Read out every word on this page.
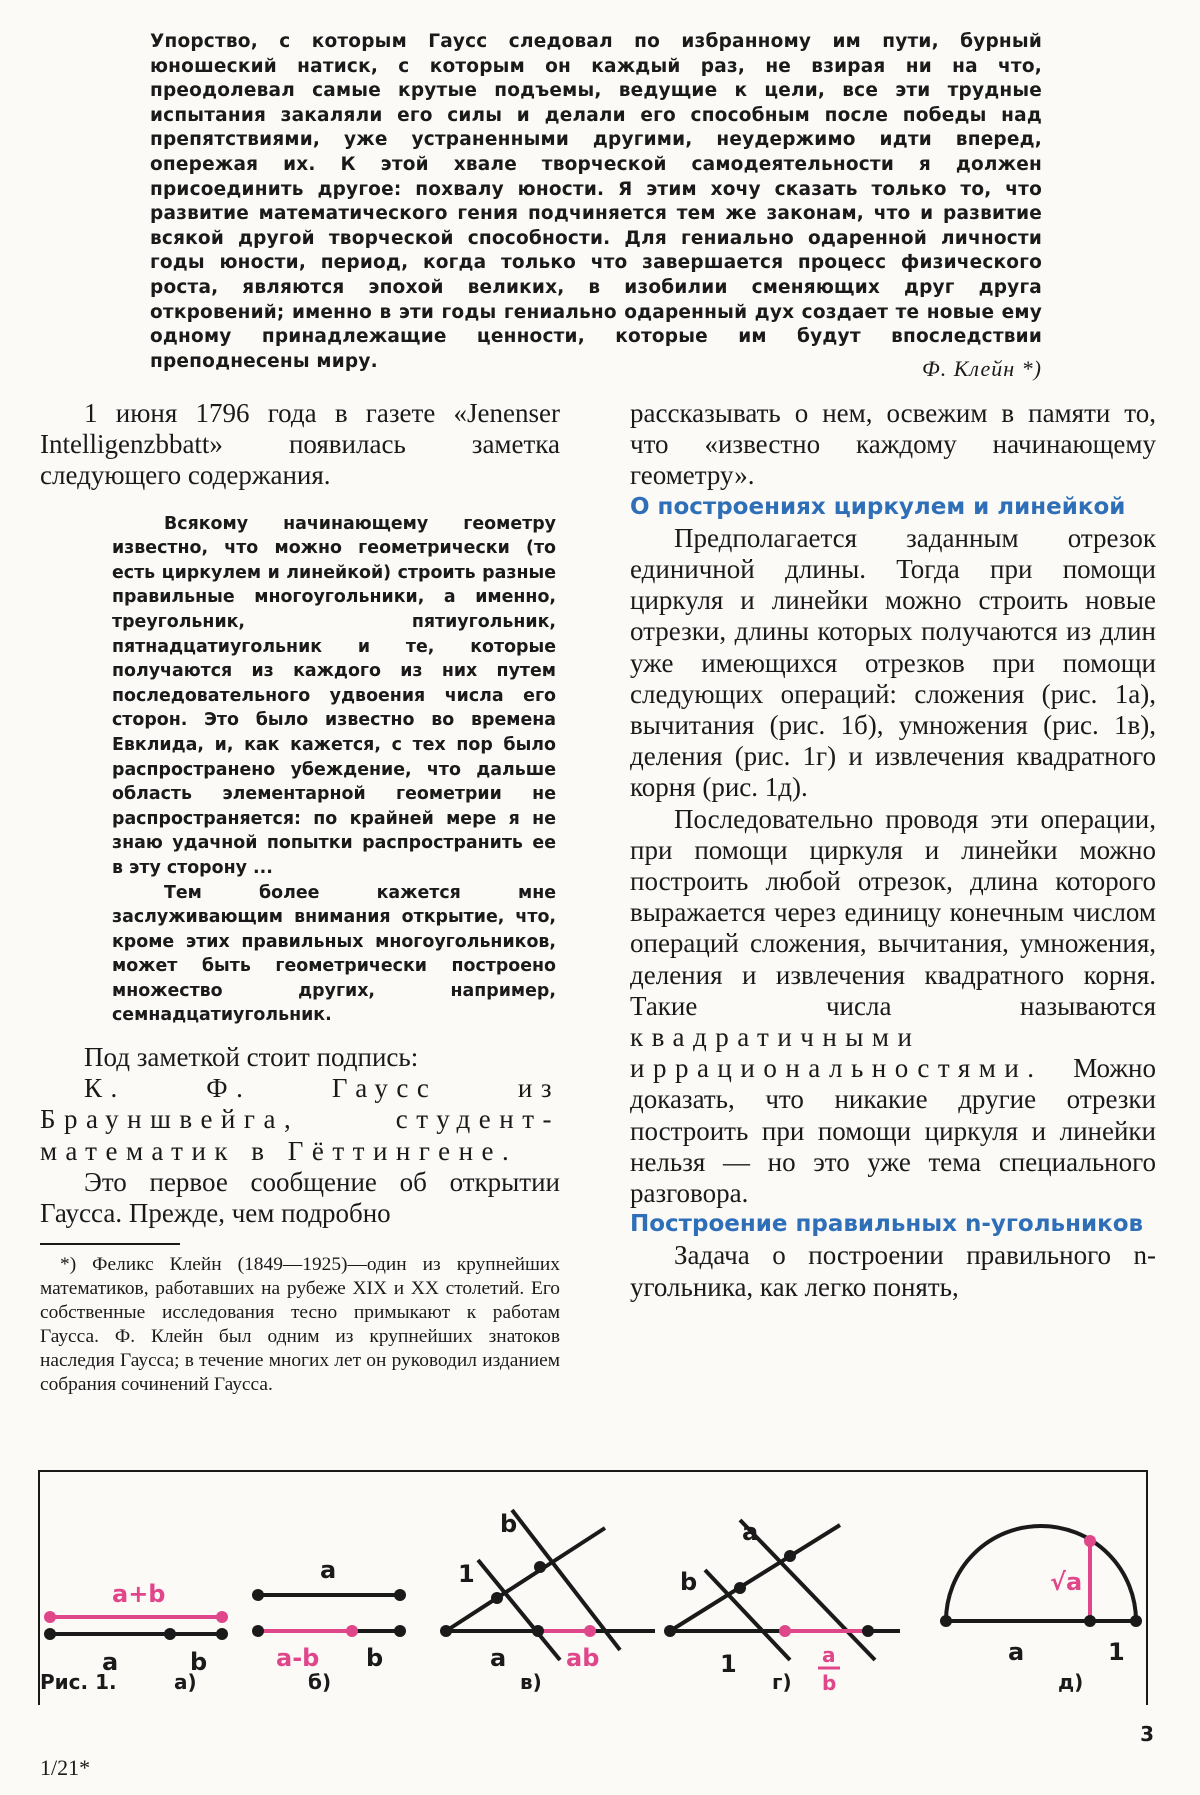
Упорство, с которым Гаусс следовал по избранному им пути, бурный юношеский натиск, с которым он каждый раз, не взирая ни на что, преодолевал самые крутые подъемы, ведущие к цели, все эти трудные испытания закаляли его силы и делали его способным после победы над препятствиями, уже устраненными другими, неудержимо идти вперед, опережая их. К этой хвале творческой самодеятельности я должен присоединить другое: похвалу юности. Я этим хочу сказать только то, что развитие математического гения подчиняется тем же законам, что и развитие всякой другой творческой способности. Для гениально одаренной личности годы юности, период, когда только что завершается процесс физического роста, являются эпохой великих, в изобилии сменяющих друг друга откровений; именно в эти годы гениально одаренный дух создает те новые ему одному принадлежащие ценности, которые им будут впоследствии преподнесены миру.	Ф. Клейн *)

1 июня 1796 года в газете «Jenenser Intelligenzbbatt» появилась заметка следующего содержания.

Всякому начинающему геометру известно, что можно геометрически (то есть циркулем и линейкой) строить разные правильные многоугольники, а именно, треугольник, пятиугольник, пятнадцатиугольник и те, которые получаются из каждого из них путем последовательного удвоения числа его сторон. Это было известно во времена Евклида, и, как кажется, с тех пор было распространено убеждение, что дальше область элементарной геометрии не распространяется: по крайней мере я не знаю удачной попытки распространить ее в эту сторону ...

Тем более кажется мне заслуживающим внимания открытие, что, кроме этих правильных многоугольников, может быть геометрически построено множество других, например, семнадцатиугольник.

Под заметкой стоит подпись:

К. Ф. Гаусс из Брауншвейга, студент-математик в Гёттингене.

Это первое сообщение об открытии Гаусса. Прежде, чем подробно

*) Феликс Клейн (1849—1925)—один из крупнейших математиков, работавших на рубеже XIX и XX столетий. Его собственные исследования тесно примыкают к работам Гаусса. Ф. Клейн был одним из крупнейших знатоков наследия Гаусса; в течение многих лет он руководил изданием собрания сочинений Гаусса.

рассказывать о нем, освежим в памяти то, что «известно каждому начинающему геометру».

О построениях циркулем и линейкой

Предполагается заданным отрезок единичной длины. Тогда при помощи циркуля и линейки можно строить новые отрезки, длины которых получаются из длин уже имеющихся отрезков при помощи следующих операций: сложения (рис. 1а), вычитания (рис. 1б), умножения (рис. 1в), деления (рис. 1г) и извлечения квадратного корня (рис. 1д).

Последовательно проводя эти операции, при помощи циркуля и линейки можно построить любой отрезок, длина которого выражается через единицу конечным числом операций сложения, вычитания, умножения, деления и извлечения квадратного корня. Такие числа называются квадратичными иррациональностями. Можно доказать, что никакие другие отрезки построить при помощи циркуля и линейки нельзя — но это уже тема специального разговора.

Построение правильных n-угольников

Задача о построении правильного n-угольника, как легко понять,

a+b
a	b
a
a-b b
1
b
a ab
b
a
1	a
b
√a
a	1
Рис. 1.	а)	б)	в)	г)	д)
3
1/21*
